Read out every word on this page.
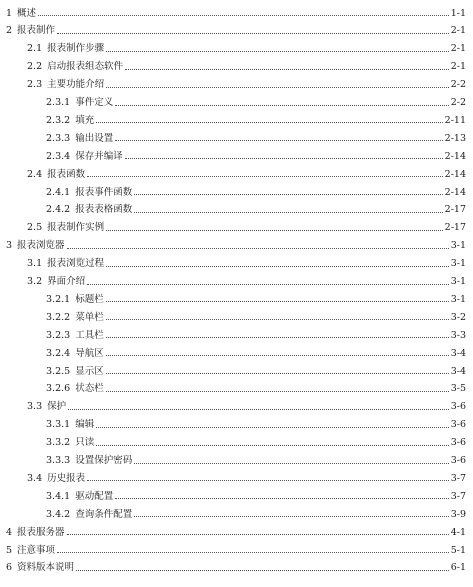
1 概述	1-1
2 报表制作	2-1
2.1 报表制作步骤	2-1
2.2 启动报表组态软件	2-1
2.3 主要功能介绍	2-2
2.3.1 事件定义	2-2
2.3.2 填充	2-11
2.3.3 输出设置	2-13
2.3.4 保存并编译	2-14
2.4 报表函数	2-14
2.4.1 报表事件函数	2-14
2.4.2 报表表格函数	2-17
2.5 报表制作实例	2-17
3 报表浏览器	3-1
3.1 报表浏览过程	3-1
3.2 界面介绍	3-1
3.2.1 标题栏	3-1
3.2.2 菜单栏	3-2
3.2.3 工具栏	3-3
3.2.4 导航区	3-4
3.2.5 显示区	3-4
3.2.6 状态栏	3-5
3.3 保护	3-6
3.3.1 编辑	3-6
3.3.2 只读	3-6
3.3.3 设置保护密码	3-6
3.4 历史报表	3-7
3.4.1 驱动配置	3-7
3.4.2 查询条件配置	3-9
4 报表服务器	4-1
5 注意事项	5-1
6 资料版本说明	6-1
